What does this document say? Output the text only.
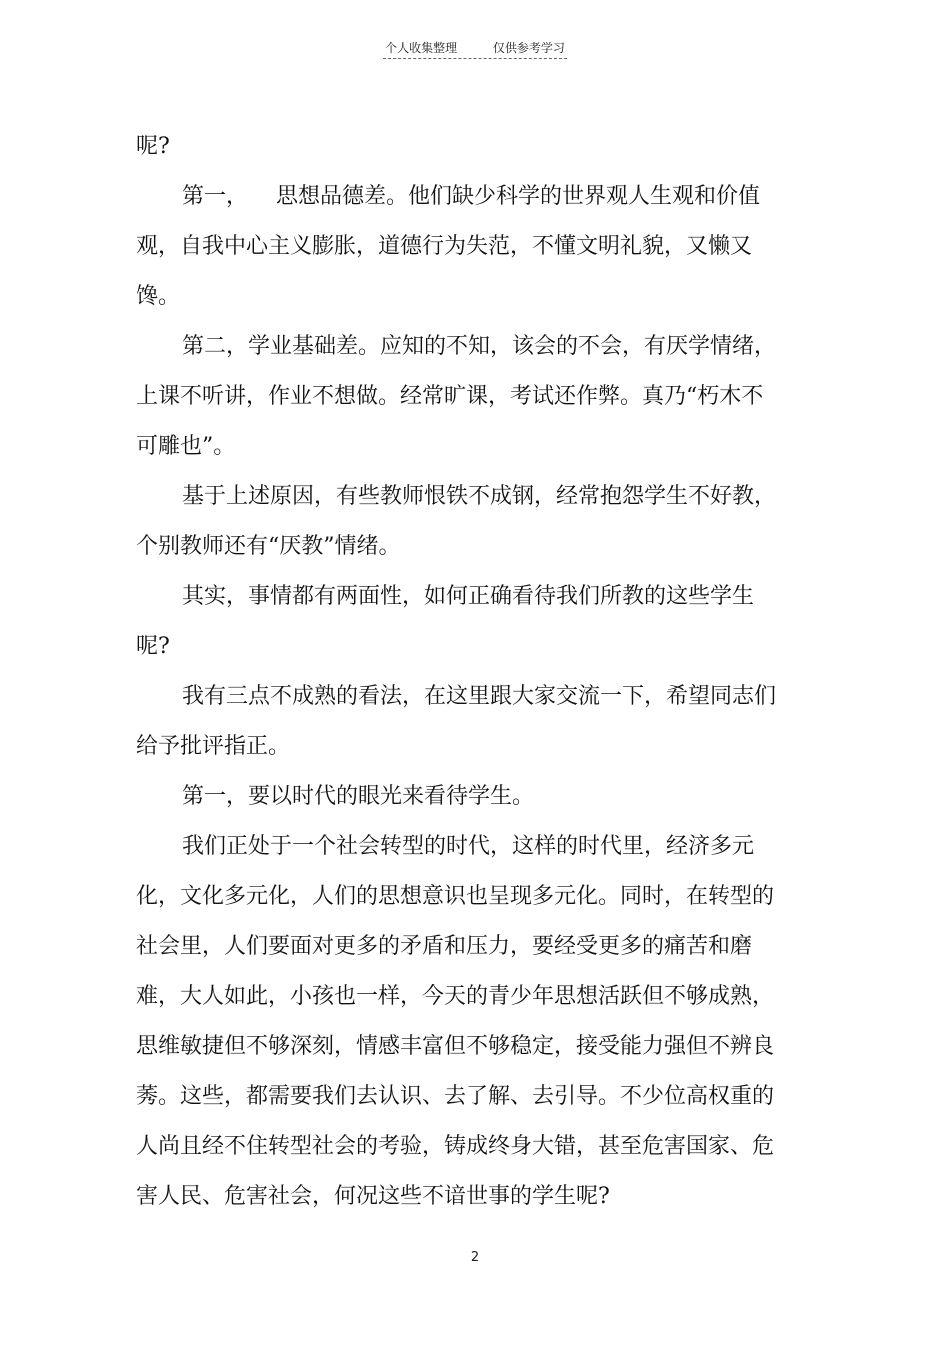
个人收集整理	仅供参考学习

呢?

第一，    思想品德差。他们缺少科学的世界观人生观和价值观，自我中心主义膨胀，道德行为失范，不懂文明礼貌，又懒又馋。

第二，学业基础差。应知的不知，该会的不会，有厌学情绪，上课不听讲，作业不想做。经常旷课，考试还作弊。真乃“朽木不可雕也”。

基于上述原因，有些教师恨铁不成钢，经常抱怨学生不好教，个别教师还有“厌教”情绪。

其实，事情都有两面性，如何正确看待我们所教的这些学生呢?

我有三点不成熟的看法，在这里跟大家交流一下，希望同志们给予批评指正。

第一，要以时代的眼光来看待学生。

我们正处于一个社会转型的时代，这样的时代里，经济多元化，文化多元化，人们的思想意识也呈现多元化。同时，在转型的社会里，人们要面对更多的矛盾和压力，要经受更多的痛苦和磨难，大人如此，小孩也一样，今天的青少年思想活跃但不够成熟，思维敏捷但不够深刻，情感丰富但不够稳定，接受能力强但不辨良莠。这些，都需要我们去认识、去了解、去引导。不少位高权重的人尚且经不住转型社会的考验，铸成终身大错，甚至危害国家、危害人民、危害社会，何况这些不谙世事的学生呢?

2
